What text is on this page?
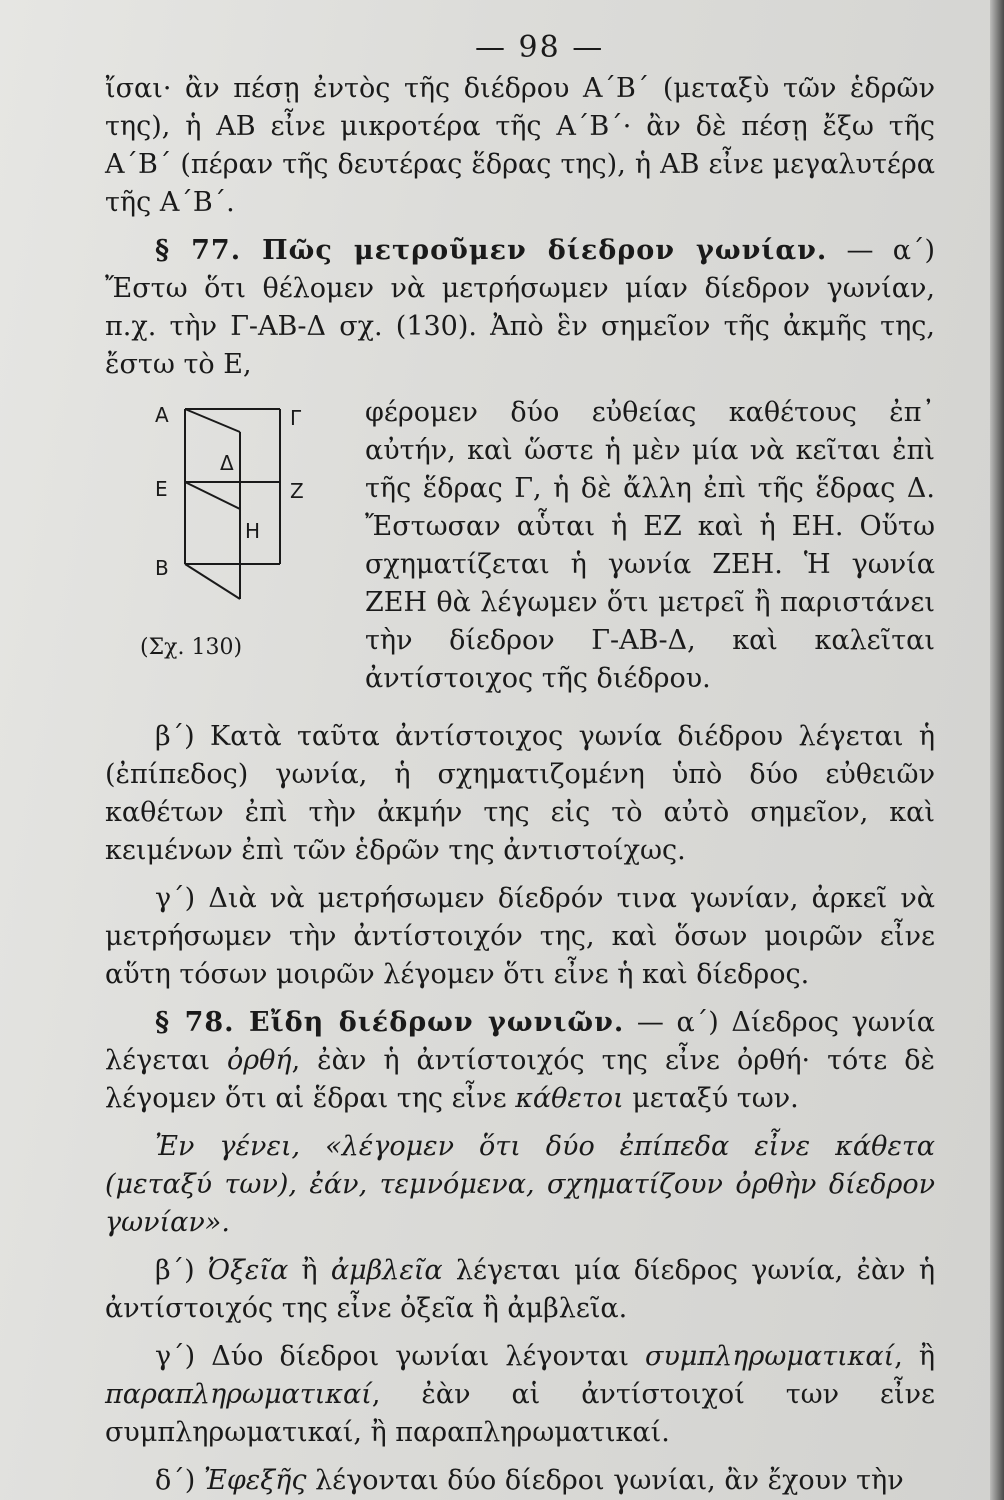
— 98 —

ἴσαι· ἂν πέσῃ ἐντὸς τῆς διέδρου Α΄Β΄ (μεταξὺ τῶν ἑδρῶν της), ἡ ΑΒ εἶνε μικροτέρα τῆς Α΄Β΄· ἂν δὲ πέσῃ ἔξω τῆς Α΄Β΄ (πέραν τῆς δευτέρας ἕδρας της), ἡ ΑΒ εἶνε μεγαλυτέρα τῆς Α΄Β΄.

§ 77. Πῶς μετροῦμεν δίεδρον γωνίαν. — α΄) Ἔστω ὅτι θέλομεν νὰ μετρήσωμεν μίαν δίεδρον γωνίαν, π.χ. τὴν Γ-ΑΒ-Δ σχ. (130). Ἀπὸ ἓν σημεῖον τῆς ἀκμῆς της, ἔστω τὸ Ε,

Α	Γ
Δ
Ε	Ζ
Η
Β
(Σχ. 130)

φέρομεν δύο εὐθείας καθέτους ἐπ᾽ αὐτήν, καὶ ὥστε ἡ μὲν μία νὰ κεῖται ἐπὶ τῆς ἕδρας Γ, ἡ δὲ ἄλλη ἐπὶ τῆς ἕδρας Δ. Ἔστωσαν αὗται ἡ ΕΖ καὶ ἡ ΕΗ. Οὕτω σχηματίζεται ἡ γωνία ΖΕΗ. Ἡ γωνία ΖΕΗ θὰ λέγωμεν ὅτι μετρεῖ ἢ παριστάνει τὴν δίεδρον Γ-ΑΒ-Δ, καὶ καλεῖται ἀντίστοιχος τῆς διέδρου.

β΄) Κατὰ ταῦτα ἀντίστοιχος γωνία διέδρου λέγεται ἡ (ἐπίπεδος) γωνία, ἡ σχηματιζομένη ὑπὸ δύο εὐθειῶν καθέτων ἐπὶ τὴν ἀκμήν της εἰς τὸ αὐτὸ σημεῖον, καὶ κειμένων ἐπὶ τῶν ἑδρῶν της ἀντιστοίχως.

γ΄) Διὰ νὰ μετρήσωμεν δίεδρόν τινα γωνίαν, ἀρκεῖ νὰ μετρήσωμεν τὴν ἀντίστοιχόν της, καὶ ὅσων μοιρῶν εἶνε αὕτη τόσων μοιρῶν λέγομεν ὅτι εἶνε ἡ καὶ δίεδρος.

§ 78. Εἴδη διέδρων γωνιῶν. — α΄) Δίεδρος γωνία λέγεται ὀρθή, ἐὰν ἡ ἀντίστοιχός της εἶνε ὀρθή· τότε δὲ λέγομεν ὅτι αἱ ἕδραι της εἶνε κάθετοι μεταξύ των.

Ἐν γένει, «λέγομεν ὅτι δύο ἐπίπεδα εἶνε κάθετα (μεταξύ των), ἐάν, τεμνόμενα, σχηματίζουν ὀρθὴν δίεδρον γωνίαν».

β΄) Ὀξεῖα ἢ ἀμβλεῖα λέγεται μία δίεδρος γωνία, ἐὰν ἡ ἀντίστοιχός της εἶνε ὀξεῖα ἢ ἀμβλεῖα.

γ΄) Δύο δίεδροι γωνίαι λέγονται συμπληρωματικαί, ἢ παραπληρωματικαί, ἐὰν αἱ ἀντίστοιχοί των εἶνε συμπληρωματικαί, ἢ παραπληρωματικαί.

δ΄) Ἐφεξῆς λέγονται δύο δίεδροι γωνίαι, ἂν ἔχουν τὴν
